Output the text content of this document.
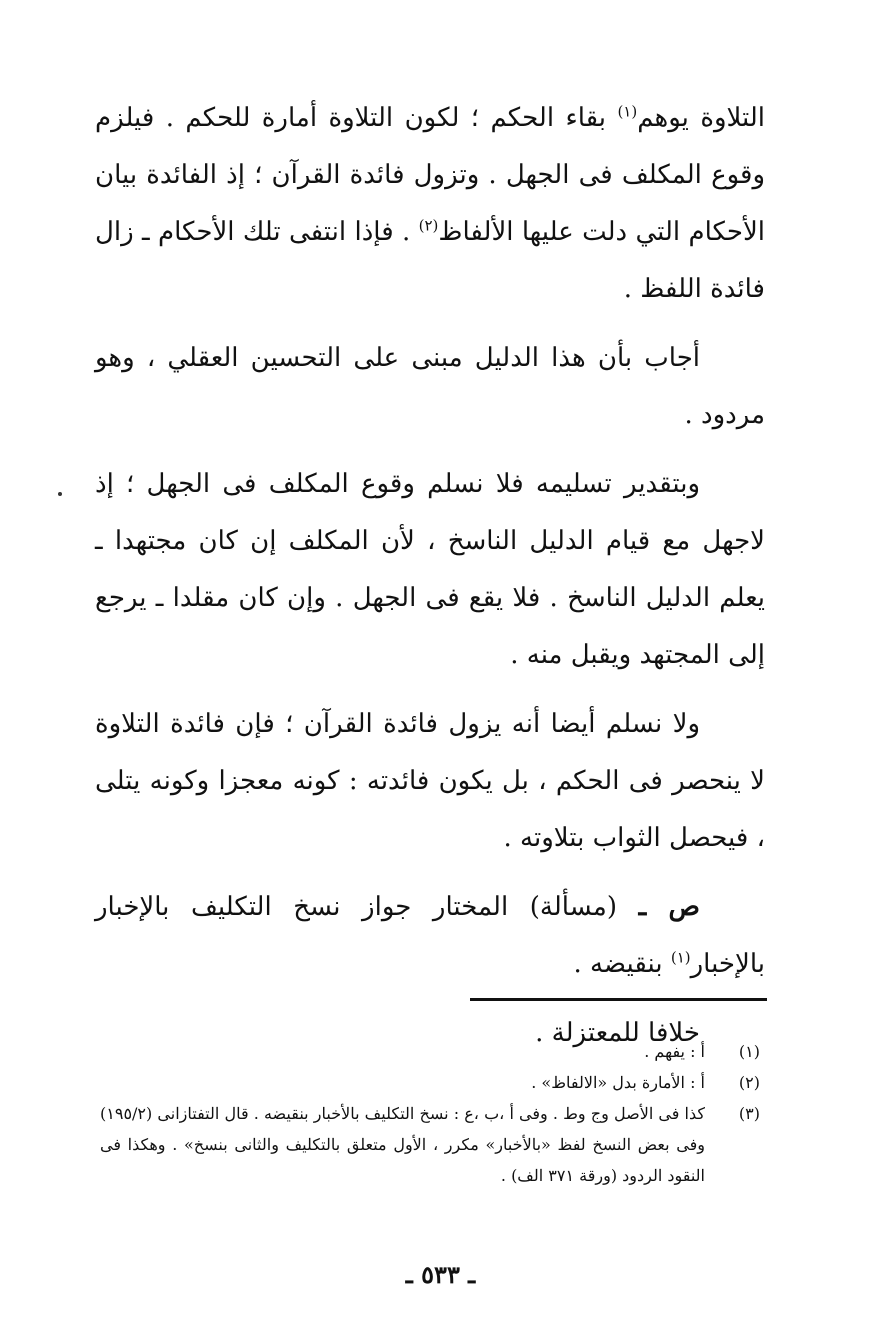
التلاوة يوهم$^{(١)}$ بقاء الحكم ؛ لكون التلاوة أمارة للحكم . فيلزم وقوع المكلف فى الجهل . وتزول فائدة القرآن ؛ إذ الفائدة بيان الأحكام التي دلت عليها الألفاظ$^{(٢)}$ . فإذا انتفى تلك الأحكام ـ زال فائدة اللفظ .

أجاب بأن هذا الدليل مبنى على التحسين العقلي ، وهو مردود .

وبتقدير تسليمه فلا نسلم وقوع المكلف فى الجهل ؛ إذ لاجهل مع قيام الدليل الناسخ ، لأن المكلف إن كان مجتهدا ـ يعلم الدليل الناسخ . فلا يقع فى الجهل . وإن كان مقلدا ـ يرجع إلى المجتهد ويقبل منه .

ولا نسلم أيضا أنه يزول فائدة القرآن ؛ فإن فائدة التلاوة لا ينحصر فى الحكم ، بل يكون فائدته : كونه معجزا وكونه يتلى ، فيحصل الثواب بتلاوته .

ص ـ (مسألة) المختار جواز نسخ التكليف بالإخبار بالإخبار$^{(١)}$ بنقيضه .

خلافا للمعتزلة .

(١)
أ : يفهم .
(٢)
أ : الأمارة بدل «الالفاظ» .
(٣)
كذا فى الأصل وج وط . وفى أ ،ب ،ع : نسخ التكليف بالأخبار بنقيضه . قال التفتازانى (١٩٥/٢) وفى بعض النسخ لفظ «بالأخبار» مكرر ، الأول متعلق بالتكليف والثانى بنسخ» . وهكذا فى النقود الردود (ورقة ٣٧١ الف) .
ـ ٥٣٣ ـ
